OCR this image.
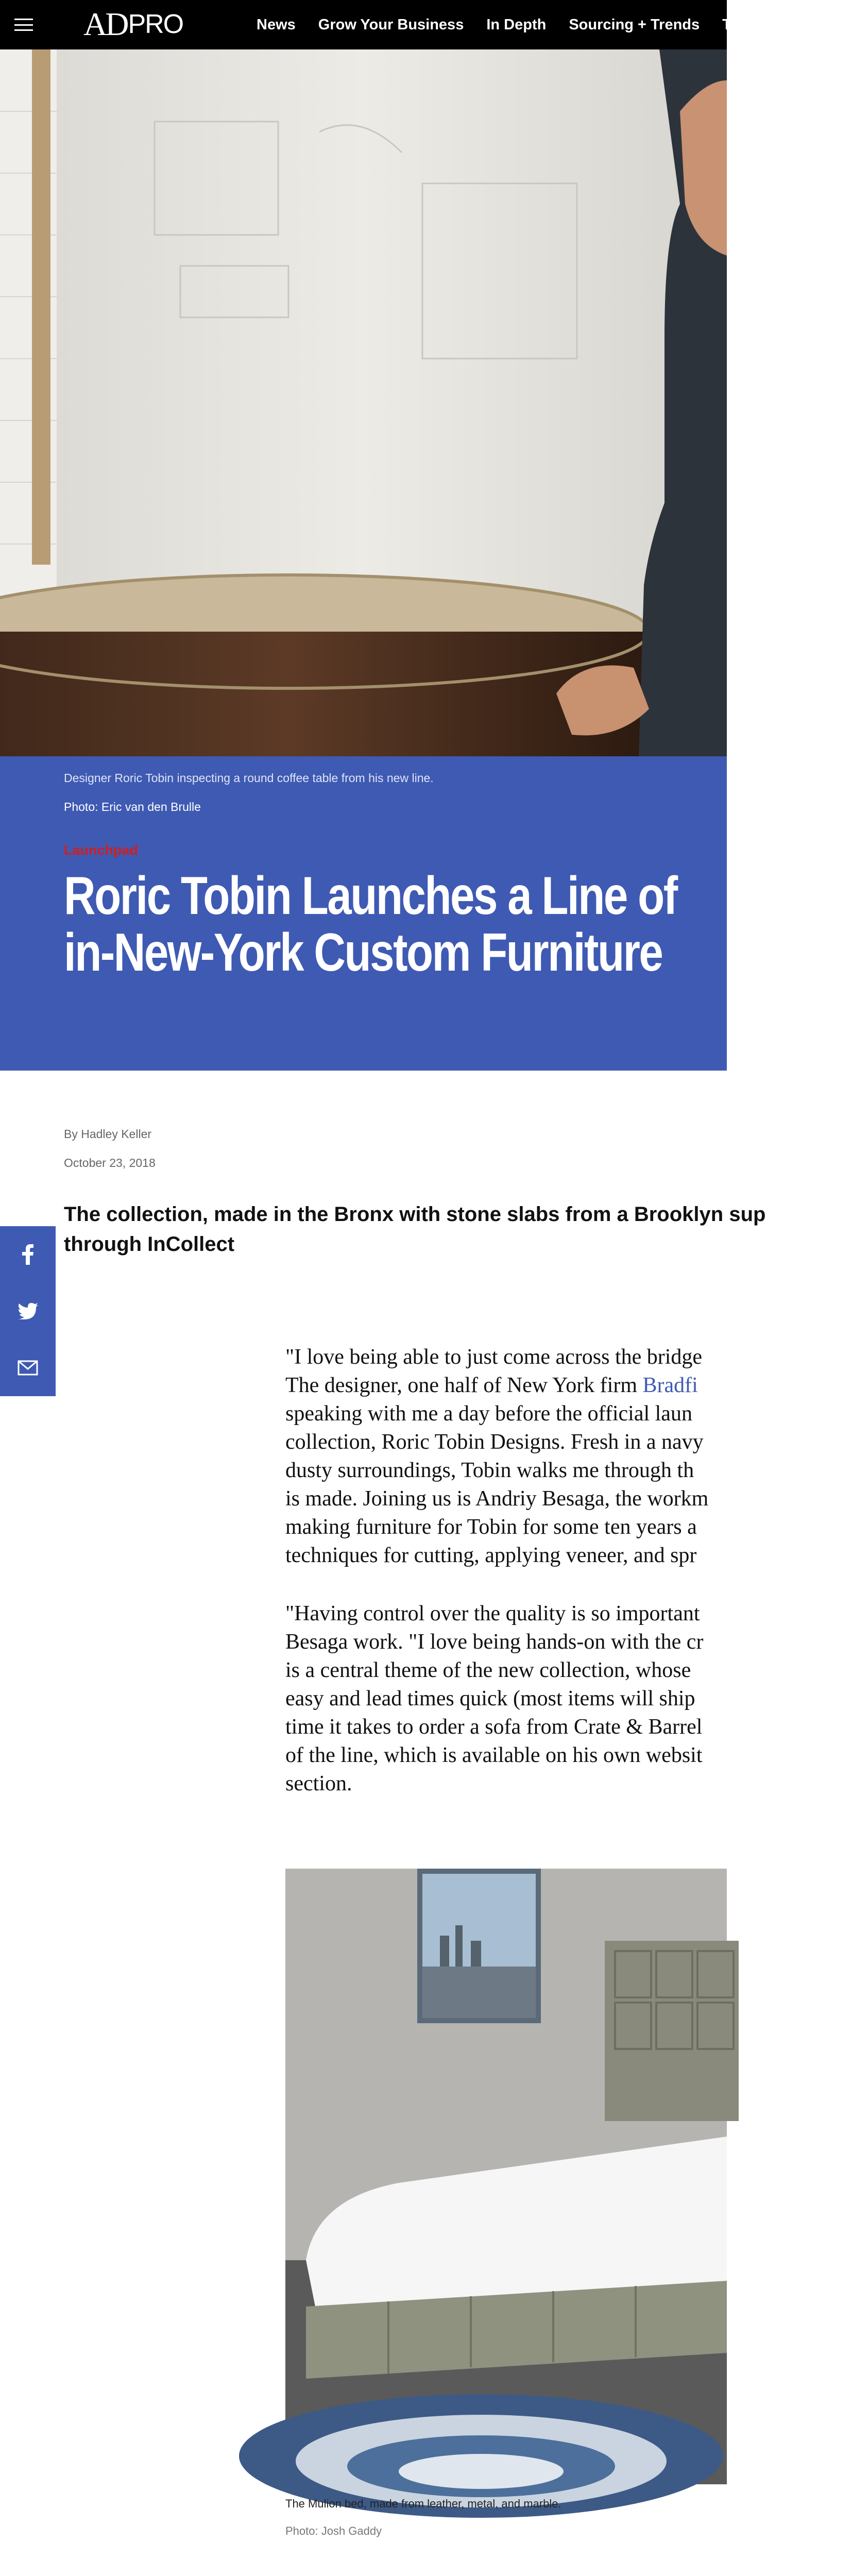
AD PRO	News Grow Your Business In Depth Sourcing + Trends The A
Designer Roric Tobin inspecting a round coffee table from his new line.
Photo: Eric van den Brulle
Launchpad
Roric Tobin Launches a Line of
in-New-York Custom Furniture
By Hadley Keller
October 23, 2018
The collection, made in the Bronx with stone slabs from a Brooklyn sup
through InCollect
"I love being able to just come across the bridge
The designer, one half of New York firm Bradfi
speaking with me a day before the official laun
collection, Roric Tobin Designs. Fresh in a navy
dusty surroundings, Tobin walks me through th
is made. Joining us is Andriy Besaga, the workm
making furniture for Tobin for some ten years a
techniques for cutting, applying veneer, and spr
"Having control over the quality is so important
Besaga work. "I love being hands-on with the cr
is a central theme of the new collection, whose
easy and lead times quick (most items will ship
time it takes to order a sofa from Crate & Barrel
of the line, which is available on his own websit
section.
The Mulion bed, made from leather, metal, and marble.
Photo: Josh Gaddy
